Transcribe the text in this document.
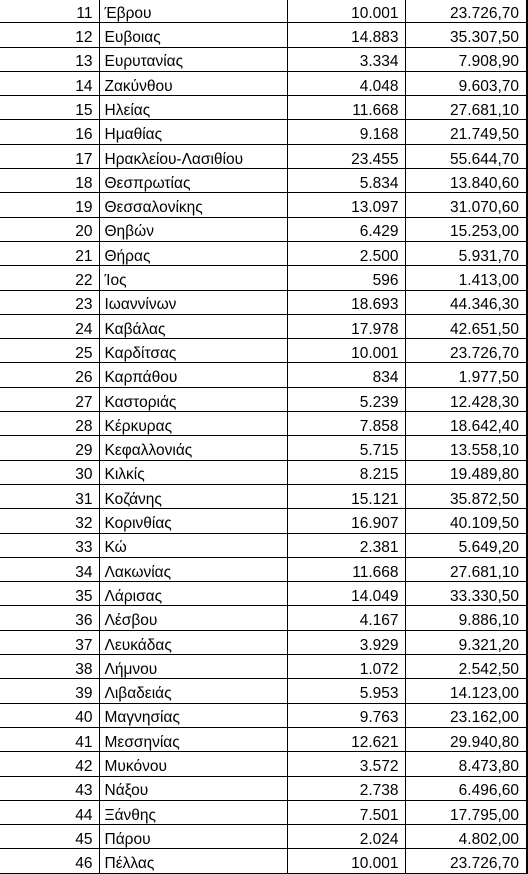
11	Έβρου	10.001	23.726,70
12	Ευβοιας	14.883	35.307,50
13	Ευρυτανίας	3.334	7.908,90
14	Ζακύνθου	4.048	9.603,70
15	Ηλείας	11.668	27.681,10
16	Ημαθίας	9.168	21.749,50
17	Ηρακλείου-Λασιθίου	23.455	55.644,70
18	Θεσπρωτίας	5.834	13.840,60
19	Θεσσαλονίκης	13.097	31.070,60
20	Θηβών	6.429	15.253,00
21	Θήρας	2.500	5.931,70
22	Ίος	596	1.413,00
23	Ιωαννίνων	18.693	44.346,30
24	Καβάλας	17.978	42.651,50
25	Καρδίτσας	10.001	23.726,70
26	Καρπάθου	834	1.977,50
27	Καστοριάς	5.239	12.428,30
28	Κέρκυρας	7.858	18.642,40
29	Κεφαλλονιάς	5.715	13.558,10
30	Κιλκίς	8.215	19.489,80
31	Κοζάνης	15.121	35.872,50
32	Κορινθίας	16.907	40.109,50
33	Κώ	2.381	5.649,20
34	Λακωνίας	11.668	27.681,10
35	Λάρισας	14.049	33.330,50
36	Λέσβου	4.167	9.886,10
37	Λευκάδας	3.929	9.321,20
38	Λήμνου	1.072	2.542,50
39	Λιβαδειάς	5.953	14.123,00
40	Μαγνησίας	9.763	23.162,00
41	Μεσσηνίας	12.621	29.940,80
42	Μυκόνου	3.572	8.473,80
43	Νάξου	2.738	6.496,60
44	Ξάνθης	7.501	17.795,00
45	Πάρου	2.024	4.802,00
46	Πέλλας	10.001	23.726,70
